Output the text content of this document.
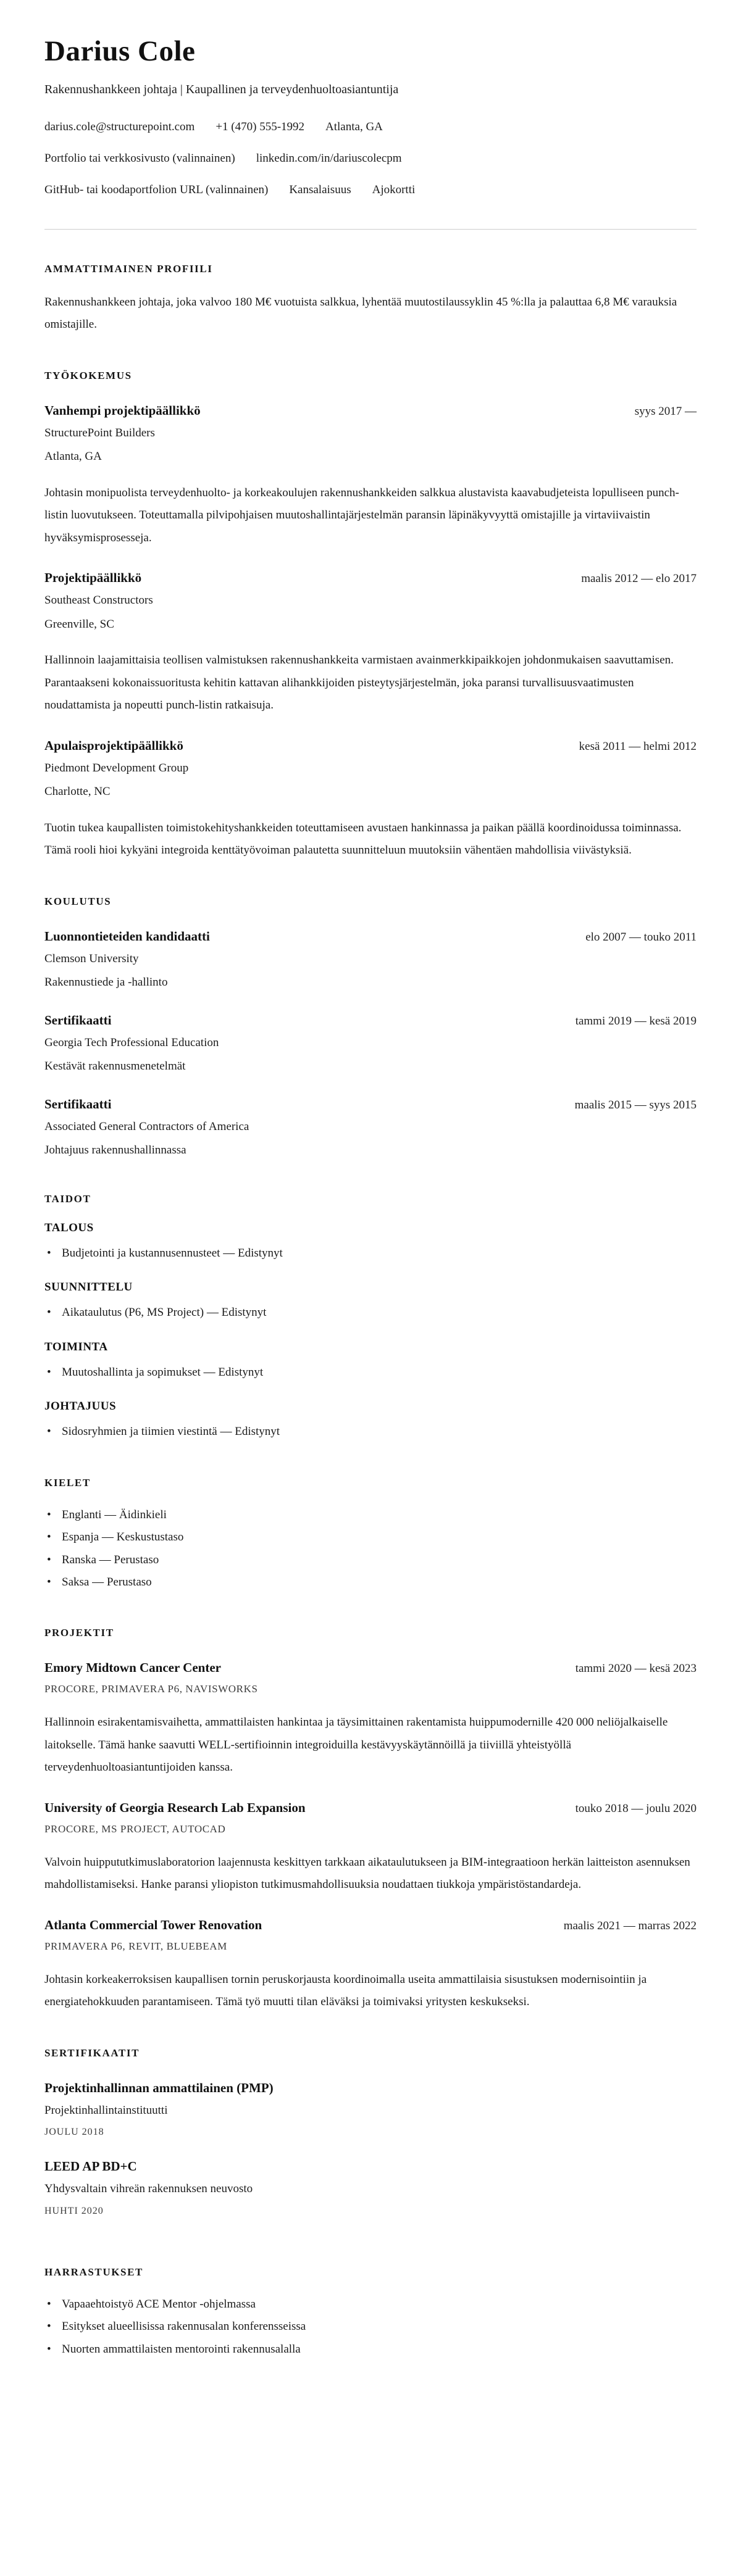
Darius Cole
Rakennushankkeen johtaja | Kaupallinen ja terveydenhuoltoasiantuntija
darius.cole@structurepoint.com +1 (470) 555-1992 Atlanta, GA
Portfolio tai verkkosivusto (valinnainen) linkedin.com/in/dariuscolecpm
GitHub- tai koodaportfolion URL (valinnainen) Kansalaisuus Ajokortti
AMMATTIMAINEN PROFIILI

Rakennushankkeen johtaja, joka valvoo 180 M€ vuotuista salkkua, lyhentää muutostilaussyklin 45 %:lla ja palauttaa 6,8 M€ varauksia omistajille.

TYÖKOKEMUS
Vanhempi projektipäällikkö	syys 2017 —
StructurePoint Builders
Atlanta, GA

Johtasin monipuolista terveydenhuolto- ja korkeakoulujen rakennushankkeiden salkkua alustavista kaavabudjeteista lopulliseen punch-listin luovutukseen. Toteuttamalla pilvipohjaisen muutoshallintajärjestelmän paransin läpinäkyvyyttä omistajille ja virtaviivaistin hyväksymisprosesseja.

Projektipäällikkö	maalis 2012 — elo 2017
Southeast Constructors
Greenville, SC

Hallinnoin laajamittaisia teollisen valmistuksen rakennushankkeita varmistaen avainmerkkipaikkojen johdonmukaisen saavuttamisen. Parantaakseni kokonaissuoritusta kehitin kattavan alihankkijoiden pisteytysjärjestelmän, joka paransi turvallisuusvaatimusten noudattamista ja nopeutti punch-listin ratkaisuja.

Apulaisprojektipäällikkö	kesä 2011 — helmi 2012
Piedmont Development Group
Charlotte, NC

Tuotin tukea kaupallisten toimistokehityshankkeiden toteuttamiseen avustaen hankinnassa ja paikan päällä koordinoidussa toiminnassa. Tämä rooli hioi kykyäni integroida kenttätyövoiman palautetta suunnitteluun muutoksiin vähentäen mahdollisia viivästyksiä.

KOULUTUS
Luonnontieteiden kandidaatti	elo 2007 — touko 2011
Clemson University
Rakennustiede ja -hallinto
Sertifikaatti	tammi 2019 — kesä 2019
Georgia Tech Professional Education
Kestävät rakennusmenetelmät
Sertifikaatti	maalis 2015 — syys 2015
Associated General Contractors of America
Johtajuus rakennushallinnassa
TAIDOT
TALOUS
• Budjetointi ja kustannusennusteet — Edistynyt
SUUNNITTELU
• Aikataulutus (P6, MS Project) — Edistynyt
TOIMINTA
• Muutoshallinta ja sopimukset — Edistynyt
JOHTAJUUS
• Sidosryhmien ja tiimien viestintä — Edistynyt
KIELET
• Englanti — Äidinkieli
• Espanja — Keskustustaso
• Ranska — Perustaso
• Saksa — Perustaso
PROJEKTIT
Emory Midtown Cancer Center	tammi 2020 — kesä 2023
PROCORE, PRIMAVERA P6, NAVISWORKS

Hallinnoin esirakentamisvaihetta, ammattilaisten hankintaa ja täysimittainen rakentamista huippumodernille 420 000 neliöjalkaiselle laitokselle. Tämä hanke saavutti WELL-sertifioinnin integroiduilla kestävyyskäytännöillä ja tiiviillä yhteistyöllä terveydenhuoltoasiantuntijoiden kanssa.

University of Georgia Research Lab Expansion	touko 2018 — joulu 2020
PROCORE, MS PROJECT, AUTOCAD

Valvoin huippututkimuslaboratorion laajennusta keskittyen tarkkaan aikataulutukseen ja BIM-integraatioon herkän laitteiston asennuksen mahdollistamiseksi. Hanke paransi yliopiston tutkimusmahdollisuuksia noudattaen tiukkoja ympäristöstandardeja.

Atlanta Commercial Tower Renovation	maalis 2021 — marras 2022
PRIMAVERA P6, REVIT, BLUEBEAM

Johtasin korkeakerroksisen kaupallisen tornin peruskorjausta koordinoimalla useita ammattilaisia sisustuksen modernisointiin ja energiatehokkuuden parantamiseen. Tämä työ muutti tilan eläväksi ja toimivaksi yritysten keskukseksi.

SERTIFIKAATIT
Projektinhallinnan ammattilainen (PMP)
Projektinhallintainstituutti
JOULU 2018
LEED AP BD+C
Yhdysvaltain vihreän rakennuksen neuvosto
HUHTI 2020
HARRASTUKSET
• Vapaaehtoistyö ACE Mentor -ohjelmassa
• Esitykset alueellisissa rakennusalan konferensseissa
• Nuorten ammattilaisten mentorointi rakennusalalla
